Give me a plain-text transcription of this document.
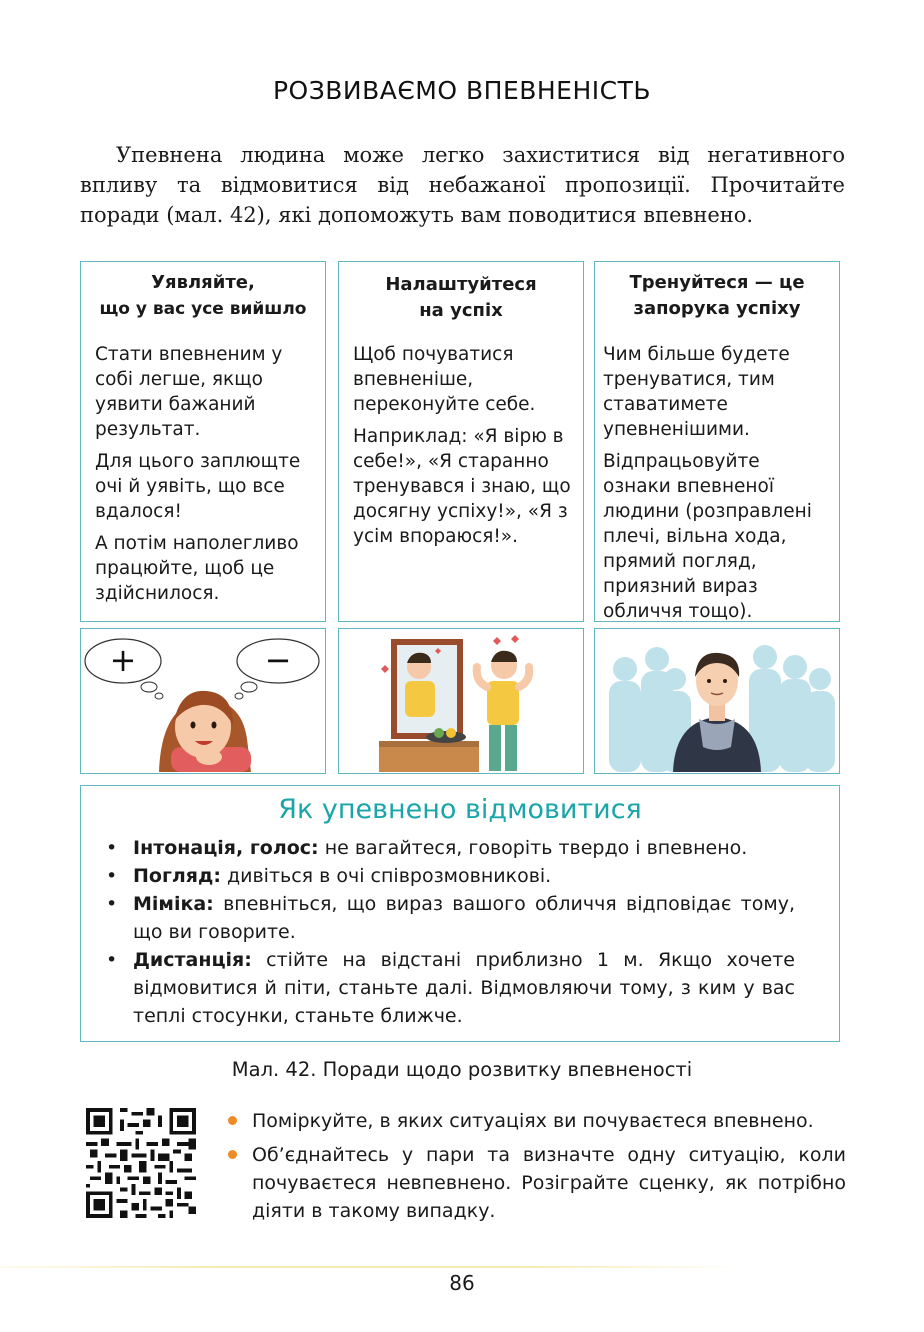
РОЗВИВАЄМО ВПЕВНЕНІСТЬ
Упевнена людина може легко захиститися від негативного впливу та відмовитися від небажаної пропозиції. Прочитайте поради (мал. 42), які допоможуть вам поводитися впевнено.
Уявляйте,
що у вас усе вийшло

Стати впевненим у собі легше, якщо уявити бажаний результат.

Для цього заплющте очі й уявіть, що все вдалося!

А потім наполегливо працюйте, щоб це здійснилося.

Налаштуйтеся
на успіх

Щоб почуватися впевненіше, переконуйте себе.

Наприклад: «Я вірю в себе!», «Я старанно тренувався і знаю, що досягну успіху!», «Я з усім впораюся!».

Тренуйтеся — це
запорука успіху

Чим більше будете тренуватися, тим ставатимете упевненішими.

Відпрацьовуйте ознаки впевненої людини (розправлені плечі, вільна хода, прямий погляд, приязний вираз обличчя тощо).

+	−
Як упевнено відмовитися
• Інтонація, голос: не вагайтеся, говоріть твердо і впевнено.
• Погляд: дивіться в очі співрозмовникові.
• Міміка: впевніться, що вираз вашого обличчя відповідає тому, що ви говорите.
• Дистанція: стійте на відстані приблизно 1 м. Якщо хочете відмовитися й піти, станьте далі. Відмовляючи тому, з ким у вас теплі стосунки, станьте ближче.
Мал. 42. Поради щодо розвитку впевненості
Поміркуйте, в яких ситуаціях ви почуваєтеся впевнено.
Об’єднайтесь у пари та визначте одну ситуацію, коли почуваєтеся невпевнено. Розіграйте сценку, як потрібно діяти в такому випадку.
86
